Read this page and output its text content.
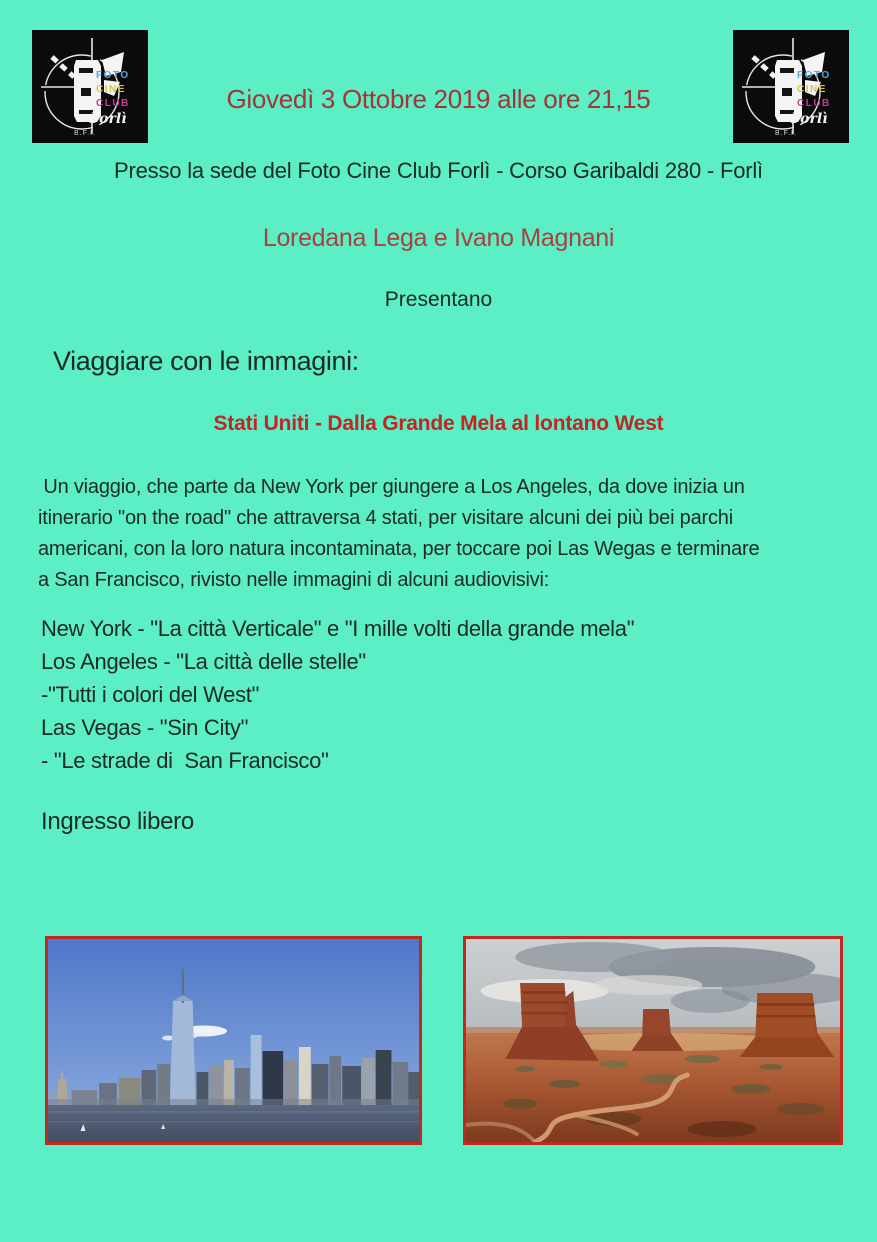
FOTO
CINE
CLUB
Forlì
B.F.I.
FOTO
CINE
CLUB
Forlì
B.F.I.
Giovedì 3 Ottobre 2019 alle ore 21,15
Presso la sede del Foto Cine Club Forlì - Corso Garibaldi 280 - Forlì
Loredana Lega e Ivano Magnani
Presentano
Viaggiare con le immagini:
Stati Uniti - Dalla Grande Mela al lontano West
Un viaggio, che parte da New York per giungere a Los Angeles, da dove inizia un
itinerario "on the road" che attraversa 4 stati, per visitare alcuni dei più bei parchi
americani, con la loro natura incontaminata, per toccare poi Las Wegas e terminare
a San Francisco, rivisto nelle immagini di alcuni audiovisivi:
New York - "La città Verticale" e "I mille volti della grande mela"
Los Angeles - "La città delle stelle"
-"Tutti i colori del West"
Las Vegas - "Sin City"
- "Le strade di  San Francisco"
Ingresso libero
